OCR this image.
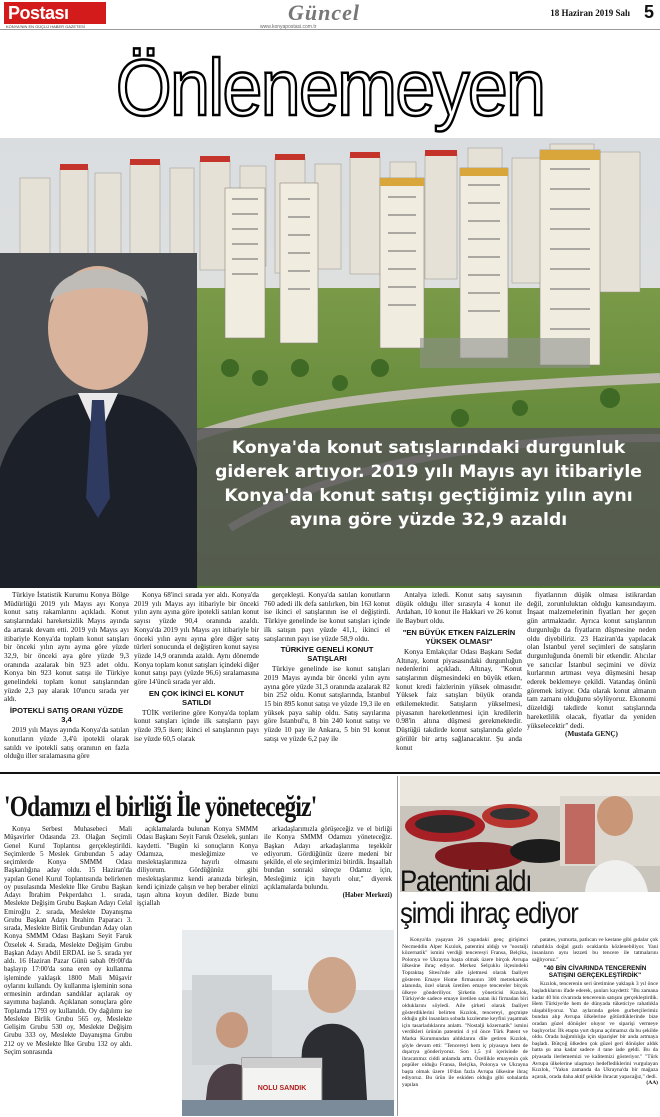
Postası
KONYA'NIN EN GÜÇLÜ HABER GAZETESİ	www.konyapostasi.com.tr
Güncel	18 Haziran 2019 Salı 5
Önlenemeyen
Konya'da konut satışlarındaki durgunluk giderek artıyor. 2019 yılı Mayıs ayı itibariyle Konya'da konut satışı geçtiğimiz yılın aynı ayına göre yüzde 32,9 azaldı

Türkiye İstatistik Kurumu Konya Bölge Müdürlüğü 2019 yılı Mayıs ayı Konya konut satış rakamlarını açıkladı. Konut satışlarındaki hareketsizlik Mayıs ayında da artarak devam etti. 2019 yılı Mayıs ayı itibariyle Konya'da toplam konut satışları bir önceki yılın aynı ayına göre yüzde 32,9, bir önceki aya göre yüzde 9,3 oranında azalarak bin 923 adet oldu. Konya bin 923 konut satışı ile Türkiye genelindeki toplam konut satışlarından yüzde 2,3 pay alarak 10'uncu sırada yer aldı.

İPOTEKLİ SATIŞ ORANI YÜZDE 3,4

2019 yılı Mayıs ayında Konya'da satılan konutların yüzde 3,4'ü ipotekli olarak satıldı ve ipotekli satış oranının en fazla olduğu iller sıralamasına göre

Konya 68'inci sırada yer aldı. Konya'da 2019 yılı Mayıs ayı itibariyle bir önceki yılın aynı ayına göre ipotekli satılan konut sayısı yüzde 90,4 oranında azaldı. Konya'da 2019 yılı Mayıs ayı itibariyle bir önceki yılın aynı ayına göre diğer satış türleri sonucunda el değiştiren konut sayısı yüzde 14,9 oranında azaldı. Aynı dönemde Konya toplam konut satışları içindeki diğer konut satışı payı (yüzde 96,6) sıralamasına göre 14'üncü sırada yer aldı.

EN ÇOK İKİNCİ EL KONUT SATILDI

TÜİK verilerine göre Konya'da toplam konut satışları içinde ilk satışların payı yüzde 39,5 iken; ikinci el satışlarının payı ise yüzde 60,5 olarak

gerçekleşti. Konya'da satılan konutların 760 adedi ilk defa satılırken, bin 163 konut ise ikinci el satışlarının ise el değiştirdi. Türkiye genelinde ise konut satışları içinde ilk satışın payı yüzde 41,1, ikinci el satışlarının payı ise yüzde 58,9 oldu.

TÜRKİYE GENELİ KONUT SATIŞLARI

Türkiye genelinde ise konut satışları 2019 Mayıs ayında bir önceki yılın aynı ayına göre yüzde 31,3 oranında azalarak 82 bin 252 oldu. Konut satışlarında, İstanbul 15 bin 895 konut satışı ve yüzde 19,3 ile en yüksek paya sahip oldu. Satış sayılarına göre İstanbul'u, 8 bin 240 konut satışı ve yüzde 10 pay ile Ankara, 5 bin 91 konut satışı ve yüzde 6,2 pay ile

Antalya izledi. Konut satış sayısının düşük olduğu iller sırasıyla 4 konut ile Ardahan, 10 konut ile Hakkari ve 26 konut ile Bayburt oldu.

"EN BÜYÜK ETKEN FAİZLERİN YÜKSEK OLMASI"

Konya Emlakçılar Odası Başkanı Sedat Altınay, konut piyasasındaki durgunluğun nedenlerini açıkladı. Altınay, "Konut satışlarının düşmesindeki en büyük etken, konut kredi faizlerinin yüksek olmasıdır. Yüksek faiz satışları büyük oranda etkilemektedir. Satışların yükselmesi, piyasanın hareketlenmesi için kredilerin 0.98'in altına düşmesi gerekmektedir. Düştüğü takdirde konut satışlarında gözle görülür bir artış sağlanacaktır. Şu anda konut

fiyatlarının düşük olması istikrardan değil, zorunluluktan olduğu kanısındayım. İnşaat malzemelerinin fiyatları her geçen gün artmaktadır. Ayrıca konut satışlarının durgunluğu da fiyatların düşmesine neden oldu diyebiliriz. 23 Haziran'da yapılacak olan İstanbul yerel seçimleri de satışların durgunluğunda önemli bir etkendir. Alıcılar ve satıcılar İstanbul seçimini ve döviz kurlarının artması veya düşmesini hesap ederek beklemeye çekildi. Vatandaş önünü göremek istiyor. Oda olarak konut almanın tam zamanı olduğunu söylüyoruz. Ekonomi düzeldiği takdirde konut satışlarında hareketlilik olacak, fiyatlar da yeniden yükselecektir" dedi.

(Mustafa GENÇ)

'Odamızı el birliği İle yöneteceğiz'

Konya Serbest Muhasebeci Mali Müşavirler Odasında 23. Olağan Seçimli Genel Kurul Toplantısı gerçekleştirildi. Seçimlerde 5 Meslek Grubundan 5 aday seçimlerde Konya SMMM Odası Başkanlığına aday oldu. 15 Haziran'da yapılan Genel Kurul Toplantısında belirlenen oy pusulasında Meslekte İlke Grubu Başkan Adayı İbrahim Pekperdahcı 1. sırada, Meslekte Değişim Grubu Başkan Adayı Celal Emiroğlu 2. sırada, Meslekte Dayanışma Grubu Başkan Adayı İbrahim Paparacı 3. sırada, Meslekte Birlik Grubundan Aday olan Konya SMMM Odası Başkanı Seyit Faruk Özselek 4. Sırada, Meslekte Değişim Grubu Başkan Adayı Abdil ERDAL ise 5. sırada yer aldı. 16 Haziran Pazar Günü sabah 09:00'da başlayıp 17:00'da sona eren oy kullanma işleminde yaklaşık 1800 Mali Müşavir oylarını kullandı. Oy kullanma işleminin sona ermesinin ardından sandıklar açılarak oy sayımına başlandı. Açıklanan sonuçlara göre Toplamda 1793 oy kullanıldı. Oy dağılımı ise Meslekte Birlik Grubu 565 oy, Meslekte Gelişim Grubu 530 oy, Meslekte Değişim Grubu 333 oy, Meslekte Dayanışma Grubu 212 oy ve Meslekte İlke Grubu 132 oy aldı. Seçim sonrasında

açıklamalarda bulunan Konya SMMM Odası Başkanı Seyit Faruk Özselek, şunları kaydetti. "Bugün ki sonuçların Konya Odamıza, mesleğimize ve meslektaşlarımıza hayırlı olmasını diliyorum. Gördüğünüz gibi meslektaşlarımız kendi aranızda birleşin, kendi içinizde çalışın ve hep beraber elinizi taşın altına koyun dediler. Bizde bunu işçiallah

arkadaşlarımızla görüşeceğiz ve el birliği ile Konya SMMM Odamızı yöneteceğiz. Başkan Adayı arkadaşlarıma teşekkür ediyorum. Gördüğünüz üzere medeni bir şekilde, el ele seçimlerimizi bitirdik. İnşaallah bundan sonraki süreçte Odamız için, Mesleğimiz için hayırlı olur," diyerek açıklamalarda bulundu.

(Haber Merkezi)

NOLU SANDIK
Patentini aldı
şimdi ihraç ediyor

Konya'da yaşayan 26 yaşındaki genç girişimci Necmeddin Alper Kızılok, patentini aldığı ve "nostalji közernatik" ismini verdiği tenceresyi Fransa, Belçika, Polonya ve Ukrayna başta olmak üzere birçok Avrupa ülkesine ihraç ediyor. Merkez Selçuklu ilçesindeki Topraktaş Sitesi'nde aile işletmesi olarak faaliyet gösteren Emaye Home firmasının 300 metrekarelik alanında, özel olarak üretilen emaye tencereler birçok ülkeye gönderiliyor. Şirketin yöneticisi Kızılok, Türkiye'de sadece emaye üretilen satan iki firmadan biri olduklarını söyledi. Aile şirketi olarak faaliyet gösterdiklerini belirten Kızılok, tencereyi, geçmişte olduğu gibi insanlara sobada kızılenme keyfini yaşatmak için tasarladıklarını anlattı. "Nostalji közernatik" ismini verdikleri ürünün patentini 4 yıl önce Türk Patent ve Marka Kurumundan aldıklarını dile getiren Kızılok, şöyle devam etti: "Tencereyi hem iç piyasaya hem de dışarıya gönderiyoruz. Son 1,5 yıl içerisinde de ihracatımız ciddi anlamda arttı. Özellikle emayenin çok popüler olduğu Fransa, Belçika, Polonya ve Ukrayna başta olmak üzere 10'dan fazla Avrupa ülkesine ihraç ediyoruz. Bu ürün ile eskiden olduğu gibi sobalarda yapılan

patates, yumurta, patlıcan ve kestane gibi gıdalar çok rahatlıkla doğal gazlı ocaklarda közlenebiliyor. Yani insanların aynı lezzeti bu tencere ile tatmalarını sağlıyoruz."

"40 BİN CİVARINDA TENCERENİN SATIŞINI GERÇEKLEŞTİRDİK"

Kızılok, tencerenin seri üretimine yaklaşık 3 yıl önce başladıklarını ifade ederek, şunları kaydetti: "Bu zamana kadar 40 bin civarında tencerenin satışını gerçekleştirdik. Hem Türkiye'de hem de dünyada tüketiciye rahatlıkla ulaşabiliyoruz. Yaz aylarında gelen gurbetçilerimiz bundan alıp Avrupa ülkelerine götürdüklerinde bize oradan güzel dönüşler oluyor ve siparişi vermeye başlıyorlar. İlk etapta yurt dışına açılmamız da bu şekilde oldu. Orada bağımlılığa için siparişler bir anda artmaya başladı. Bütçoğ ülkeden çok güzel geri dönüşler aldık hatta şu ana kadar sadece 4 tane iade geldi. Bu da piyasada ilerlememizi ve kalitemizi gösteriyor." "Türk Avrupa ülkelerine ulaşmayı hedeflediklerini vurgulayan Kızılok, "Yakın zamanda da Ukrayna'da bir mağaza açarak, orada daha aktif şekilde ihracat yapacağız," dedi.

(AA)
